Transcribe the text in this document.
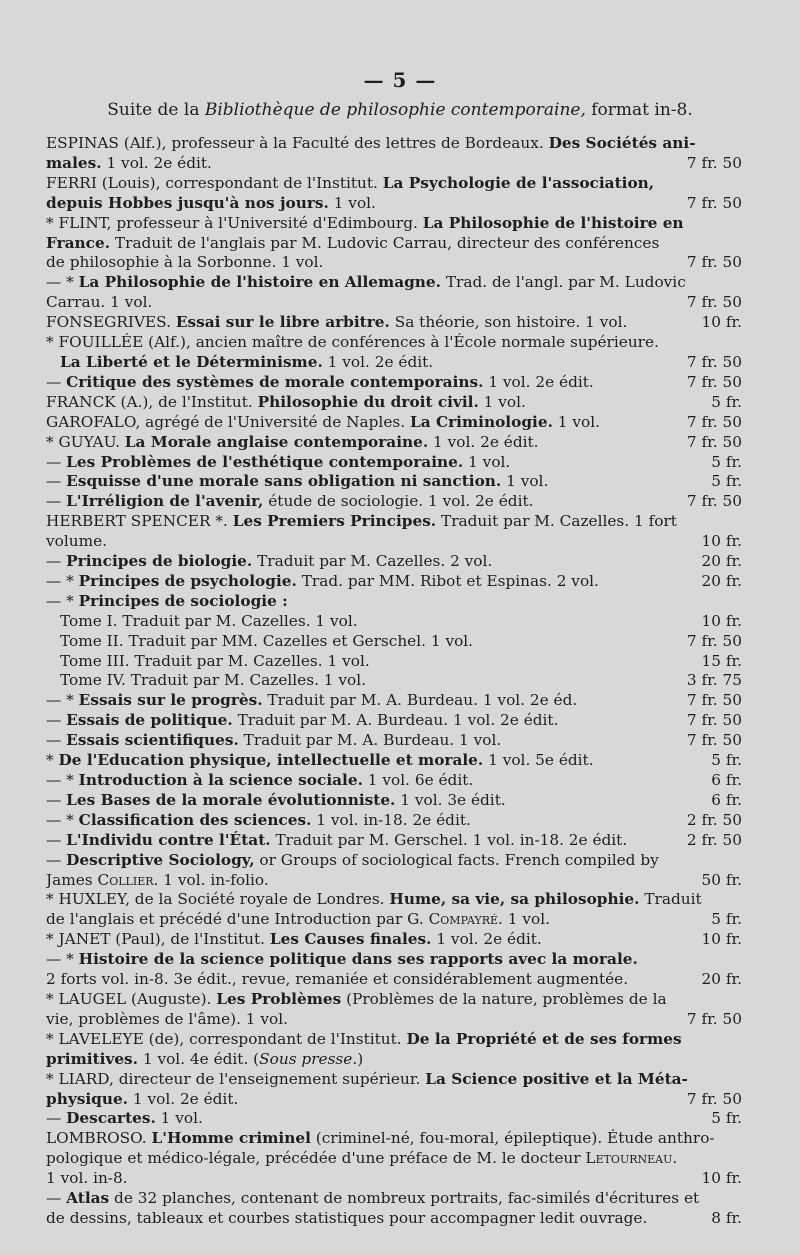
— 5 —
Suite de la Bibliothèque de philosophie contemporaine, format in-8.
ESPINAS (Alf.), professeur à la Faculté des lettres de Bordeaux. Des Sociétés ani-
males. 1 vol. 2e édit.	7 fr. 50
FERRI (Louis), correspondant de l'Institut. La Psychologie de l'association,
depuis Hobbes jusqu'à nos jours. 1 vol.	7 fr. 50
* FLINT, professeur à l'Université d'Edimbourg. La Philosophie de l'histoire en
France. Traduit de l'anglais par M. Ludovic Carrau, directeur des conférences
de philosophie à la Sorbonne. 1 vol.	7 fr. 50
— * La Philosophie de l'histoire en Allemagne. Trad. de l'angl. par M. Ludovic
Carrau. 1 vol.	7 fr. 50
FONSEGRIVES. Essai sur le libre arbitre. Sa théorie, son histoire. 1 vol.	10 fr.
* FOUILLÉE (Alf.), ancien maître de conférences à l'École normale supérieure.
La Liberté et le Déterminisme. 1 vol. 2e édit.	7 fr. 50
— Critique des systèmes de morale contemporains. 1 vol. 2e édit.	7 fr. 50
FRANCK (A.), de l'Institut. Philosophie du droit civil. 1 vol.	5 fr.
GAROFALO, agrégé de l'Université de Naples. La Criminologie. 1 vol.	7 fr. 50
* GUYAU. La Morale anglaise contemporaine. 1 vol. 2e édit.	7 fr. 50
— Les Problèmes de l'esthétique contemporaine. 1 vol.	5 fr.
— Esquisse d'une morale sans obligation ni sanction. 1 vol.	5 fr.
— L'Irréligion de l'avenir, étude de sociologie. 1 vol. 2e édit.	7 fr. 50
HERBERT SPENCER *. Les Premiers Principes. Traduit par M. Cazelles. 1 fort
volume.	10 fr.
— Principes de biologie. Traduit par M. Cazelles. 2 vol.	20 fr.
— * Principes de psychologie. Trad. par MM. Ribot et Espinas. 2 vol.	20 fr.
— * Principes de sociologie :
Tome I. Traduit par M. Cazelles. 1 vol.	10 fr.
Tome II. Traduit par MM. Cazelles et Gerschel. 1 vol.	7 fr. 50
Tome III. Traduit par M. Cazelles. 1 vol.	15 fr.
Tome IV. Traduit par M. Cazelles. 1 vol.	3 fr. 75
— * Essais sur le progrès. Traduit par M. A. Burdeau. 1 vol. 2e éd.	7 fr. 50
— Essais de politique. Traduit par M. A. Burdeau. 1 vol. 2e édit.	7 fr. 50
— Essais scientifiques. Traduit par M. A. Burdeau. 1 vol.	7 fr. 50
* De l'Education physique, intellectuelle et morale. 1 vol. 5e édit.	5 fr.
— * Introduction à la science sociale. 1 vol. 6e édit.	6 fr.
— Les Bases de la morale évolutionniste. 1 vol. 3e édit.	6 fr.
— * Classification des sciences. 1 vol. in-18. 2e édit.	2 fr. 50
— L'Individu contre l'État. Traduit par M. Gerschel. 1 vol. in-18. 2e édit.	2 fr. 50
— Descriptive Sociology, or Groups of sociological facts. French compiled by
James Collier. 1 vol. in-folio.	50 fr.
* HUXLEY, de la Société royale de Londres. Hume, sa vie, sa philosophie. Traduit
de l'anglais et précédé d'une Introduction par G. Compayré. 1 vol.	5 fr.
* JANET (Paul), de l'Institut. Les Causes finales. 1 vol. 2e édit.	10 fr.
— * Histoire de la science politique dans ses rapports avec la morale.
2 forts vol. in-8. 3e édit., revue, remaniée et considérablement augmentée.	20 fr.
* LAUGEL (Auguste). Les Problèmes (Problèmes de la nature, problèmes de la
vie, problèmes de l'âme). 1 vol.	7 fr. 50
* LAVELEYE (de), correspondant de l'Institut. De la Propriété et de ses formes
primitives. 1 vol. 4e édit. (Sous presse.)
* LIARD, directeur de l'enseignement supérieur. La Science positive et la Méta-
physique. 1 vol. 2e édit.	7 fr. 50
— Descartes. 1 vol.	5 fr.
LOMBROSO. L'Homme criminel (criminel-né, fou-moral, épileptique). Étude anthro-
pologique et médico-légale, précédée d'une préface de M. le docteur Letourneau.
1 vol. in-8.	10 fr.
— Atlas de 32 planches, contenant de nombreux portraits, fac-similés d'écritures et
de dessins, tableaux et courbes statistiques pour accompagner ledit ouvrage.	8 fr.
